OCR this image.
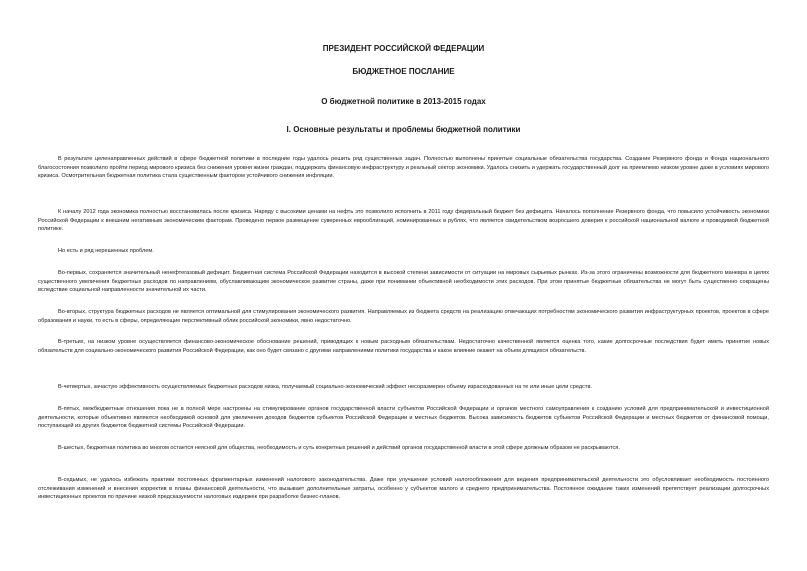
ПРЕЗИДЕНТ РОССИЙСКОЙ ФЕДЕРАЦИИ
БЮДЖЕТНОЕ ПОСЛАНИЕ
О бюджетной политике в 2013-2015 годах
I. Основные результаты и проблемы бюджетной политики

В результате целенаправленных действий в сфере бюджетной политики в последние годы удалось решить ряд существенных задач. Полностью выполнены принятые социальные обязательства государства. Создание Резервного фонда и Фонда национального благосостояния позволило пройти период мирового кризиса без снижения уровня жизни граждан, поддержать финансовую инфраструктуру и реальный сектор экономики. Удалось снизить и удержать государственный долг на приемлемо низком уровне даже в условиях мирового кризиса. Осмотрительная бюджетная политика стала существенным фактором устойчивого снижения инфляции.

К началу 2012 года экономика полностью восстановилась после кризиса. Наряду с высокими ценами на нефть это позволило исполнить в 2011 году федеральный бюджет без дефицита. Началось пополнение Резервного фонда, что повысило устойчивость экономики Российской Федерации к внешним негативным экономическим факторам. Проведено первое размещение суверенных еврооблигаций, номинированных в рублях, что является свидетельством возросшего доверия к российской национальной валюте и проводимой бюджетной политике.

Но есть и ряд нерешенных проблем.

Во-первых, сохраняется значительный ненефтегазовый дефицит. Бюджетная система Российской Федерации находится в высокой степени зависимости от ситуации на мировых сырьевых рынках. Из-за этого ограничены возможности для бюджетного маневра в целях существенного увеличения бюджетных расходов по направлениям, обуславливающим экономическое развитие страны, даже при понимании объективной необходимости этих расходов. При этом принятые бюджетные обязательства не могут быть существенно сокращены вследствие социальной направленности значительной их части.

Во-вторых, структура бюджетных расходов не является оптимальной для стимулирования экономического развития. Направляемых из бюджета средств на реализацию отвечающих потребностям экономического развития инфраструктурных проектов, проектов в сфере образования и науки, то есть в сферы, определяющие перспективный облик российской экономики, явно недостаточно.

В-третьих, на низком уровне осуществляется финансово-экономическое обоснование решений, приводящих к новым расходным обязательствам. Недостаточно качественной является оценка того, какие долгосрочные последствия будет иметь принятие новых обязательств для социально-экономического развития Российской Федерации, как оно будет связано с другими направлениями политики государства и какое влияние окажет на объем длящихся обязательств.

В-четвертых, зачастую эффективность осуществляемых бюджетных расходов низка, получаемый социально-экономический эффект несоразмерен объему израсходованных на те или иные цели средств.

В-пятых, межбюджетные отношения пока не в полной мере настроены на стимулирование органов государственной власти субъектов Российской Федерации и органов местного самоуправления к созданию условий для предпринимательской и инвестиционной деятельности, которые объективно являются необходимой основой для увеличения доходов бюджетов субъектов Российской Федерации и местных бюджетов. Высока зависимость бюджетов субъектов Российской Федерации и местных бюджетов от финансовой помощи, поступающей из других бюджетов бюджетной системы Российской Федерации.

В-шестых, бюджетная политика во многом остается неясной для общества, необходимость и суть конкретных решений и действий органов государственной власти в этой сфере должным образом не раскрываются.

В-седьмых, не удалось избежать практики постоянных фрагментарных изменений налогового законодательства. Даже при улучшении условий налогообложения для ведения предпринимательской деятельности это обусловливает необходимость постоянного отслеживания изменений и внесения корректив в планы финансовой деятельности, что вызывает дополнительные затраты, особенно у субъектов малого и среднего предпринимательства. Постоянное ожидание таких изменений препятствует реализации долгосрочных инвестиционных проектов по причине низкой предсказуемости налоговых издержек при разработке бизнес-планов.
